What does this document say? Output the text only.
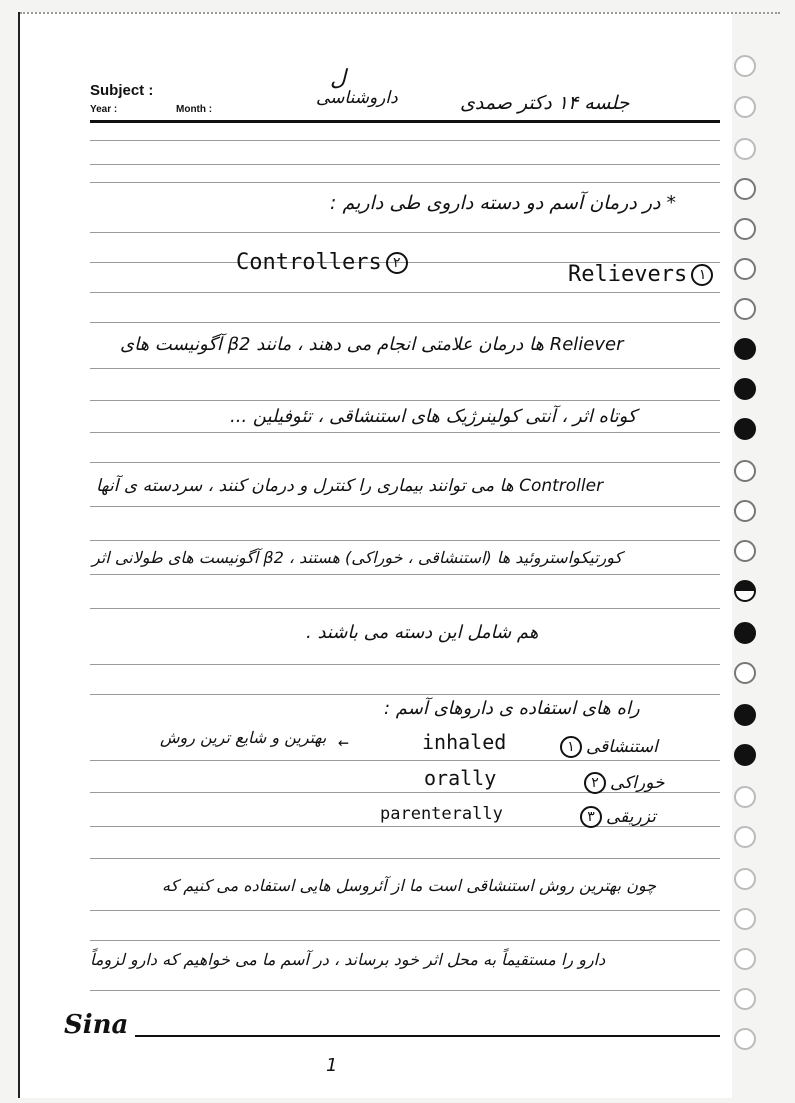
Subject :
Year :	Month :
ل
داروشناسی	جلسه ۱۴ دکتر صمدی
* در درمان آسم دو دسته داروی طی داریم :
Controllers ۲	Relievers ۱
Reliever ها درمان علامتی انجام می دهند ، مانند β2 آگونیست های
کوتاه اثر ، آنتی کولینرژیک های استنشاقی ، تئوفیلین ...
Controller ها می توانند بیماری را کنترل و درمان کنند ، سردسته ی آنها
کورتیکواستروئید ها (استنشاقی ، خوراکی) هستند ، β2 آگونیست های طولانی اثر
هم شامل این دسته می باشند .
راه های استفاده ی داروهای آسم :
بهترین و شایع ترین روش ←	inhaled	استنشاقی۱
orally	خوراکی۲
parenterally	تزریقی۳
چون بهترین روش استنشاقی است ما از آئروسل هایی استفاده می کنیم که
دارو را مستقیماً به محل اثر خود برساند ، در آسم ما می خواهیم که دارو لزوماً
Sina
1
